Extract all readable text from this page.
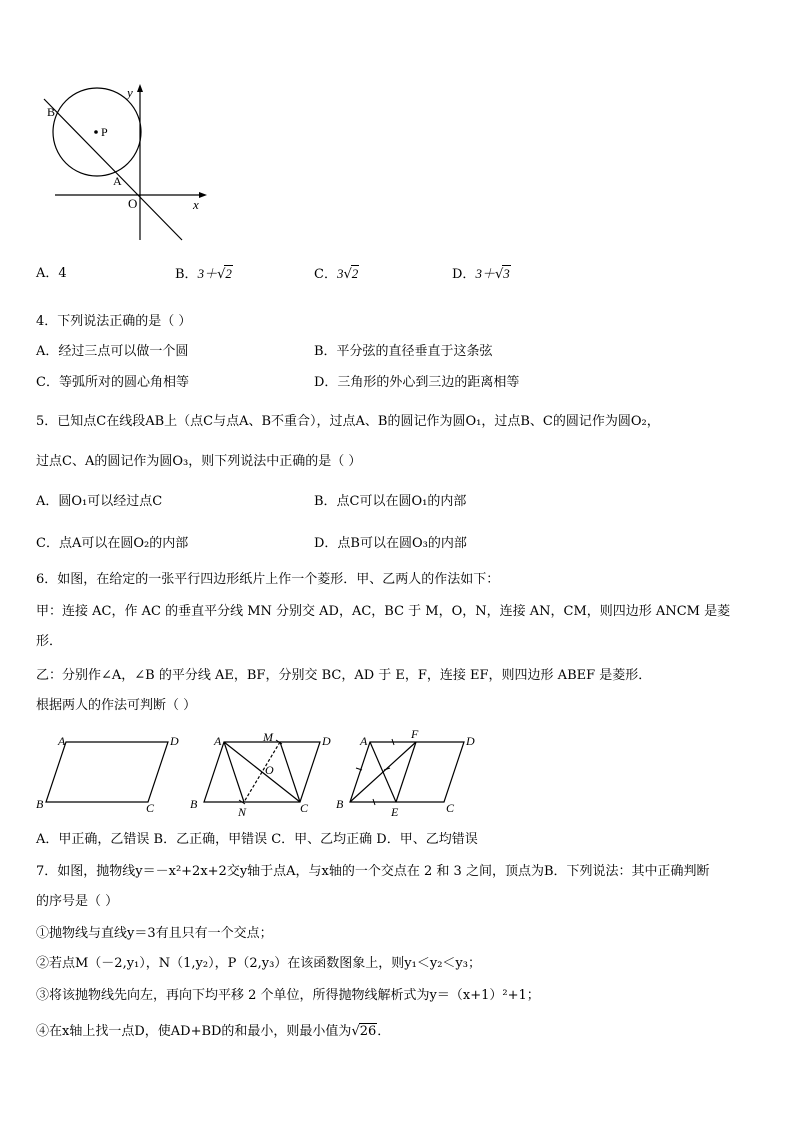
B
P
A
O	x
y
A．4	B．3＋√2	C．3√2	D．3＋√3
4．下列说法正确的是（ ）
A．经过三点可以做一个圆	B．平分弦的直径垂直于这条弦
C．等弧所对的圆心角相等	D．三角形的外心到三边的距离相等
5．已知点C在线段AB上（点C与点A、B不重合），过点A、B的圆记作为圆O₁，过点B、C的圆记作为圆O₂，
过点C、A的圆记作为圆O₃，则下列说法中正确的是（ ）
A．圆O₁可以经过点C	B．点C可以在圆O₁的内部
C．点A可以在圆O₂的内部	D．点B可以在圆O₃的内部
6．如图，在给定的一张平行四边形纸片上作一个菱形．甲、乙两人的作法如下：
甲：连接 AC，作 AC 的垂直平分线 MN 分别交 AD，AC，BC 于 M，O，N，连接 AN，CM，则四边形 ANCM 是菱
形．
乙：分别作∠A，∠B 的平分线 AE，BF，分别交 BC，AD 于 E，F，连接 EF，则四边形 ABEF 是菱形．
根据两人的作法可判断（ ）
A	D
B	C
A	D
M
O
B
N	C
A	F	D
B
E	C
A．甲正确，乙错误 B．乙正确，甲错误 C．甲、乙均正确 D．甲、乙均错误
7．如图，抛物线y＝－x²+2x+2交y轴于点A，与x轴的一个交点在 2 和 3 之间，顶点为B．下列说法：其中正确判断
的序号是（ ）
①抛物线与直线y＝3有且只有一个交点；
②若点M（－2,y₁），N（1,y₂），P（2,y₃）在该函数图象上，则y₁＜y₂＜y₃；
③将该抛物线先向左，再向下均平移 2 个单位，所得抛物线解析式为y＝（x+1）²+1；
④在x轴上找一点D，使AD+BD的和最小，则最小值为√26．
